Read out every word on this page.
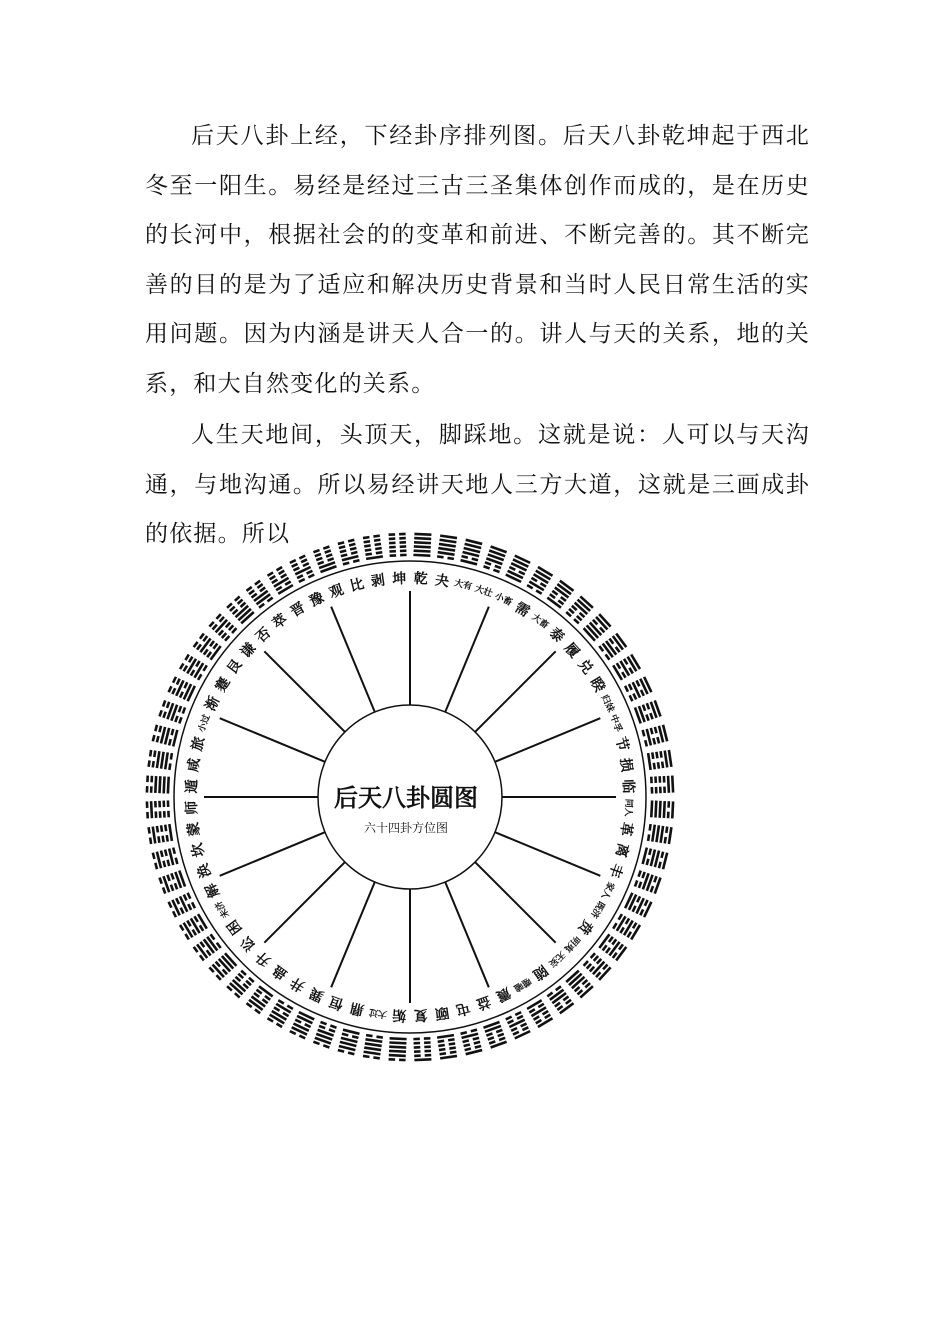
后天八卦上经，下经卦序排列图。后天八卦乾坤起于西北冬至一阳生。易经是经过三古三圣集体创作而成的，是在历史的长河中，根据社会的的变革和前进、不断完善的。其不断完善的目的是为了适应和解决历史背景和当时人民日常生活的实用问题。因为内涵是讲天人合一的。讲人与天的关系，地的关系，和大自然变化的关系。

人生天地间，头顶天，脚踩地。这就是说：人可以与天沟通，与地沟通。所以易经讲天地人三方大道，这就是三画成卦的依据。所以

乾 夬 大有 大壮 小畜
需
大畜
泰
履
兑
睽
归妹
中孚
节
损
临
同人
革
离
丰
家人
既济
贲
明夷
无妄
随
噬嗑
震
益
屯
颐
复
姤
大过
鼎
恒
巽
井
蛊
升
讼
困
未济
解
涣
坎
蒙
师
遁
咸
旅
小过
渐
蹇
艮
谦
否
萃
晋 豫 观 比 剥 坤
后天八卦圆图
六十四卦方位图
